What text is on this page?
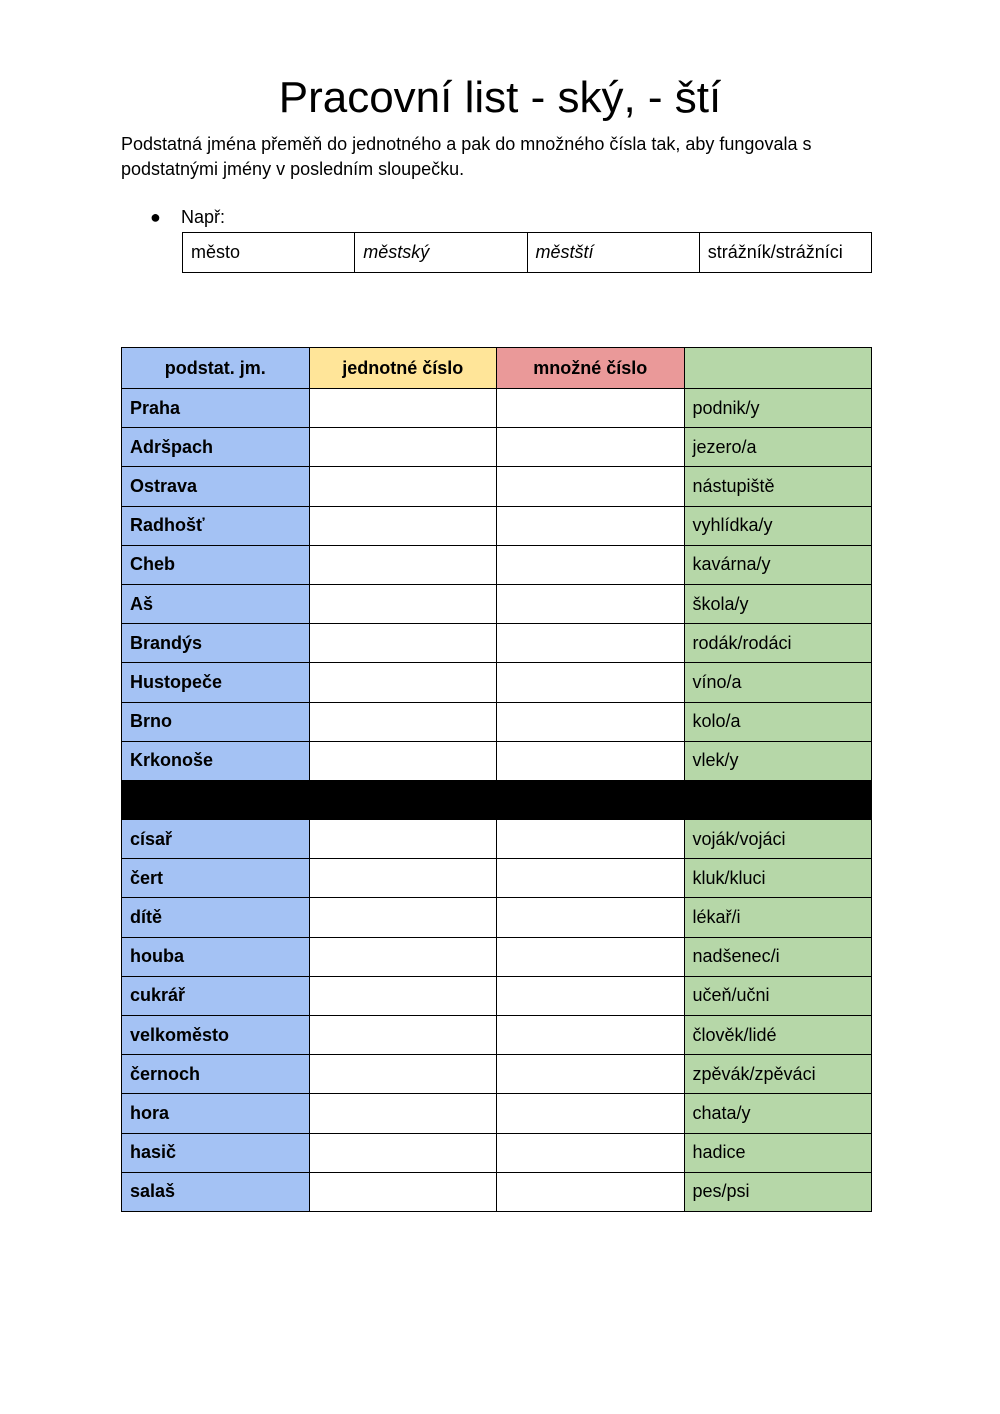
Pracovní list - ský, - ští

Podstatná jména přeměň do jednotného a pak do množného čísla tak, aby fungovala s podstatnými jmény v posledním sloupečku.

● Např:
město	městský	městští	strážník/strážníci
podstat. jm.	jednotné číslo	množné číslo	
Praha			podnik/y
Adršpach			jezero/a
Ostrava			nástupiště
Radhošť			vyhlídka/y
Cheb			kavárna/y
Aš			škola/y
Brandýs			rodák/rodáci
Hustopeče			víno/a
Brno			kolo/a
Krkonoše			vlek/y

císař			voják/vojáci
čert			kluk/kluci
dítě			lékař/i
houba			nadšenec/i
cukrář			učeň/učni
velkoměsto			člověk/lidé
černoch			zpěvák/zpěváci
hora			chata/y
hasič			hadice
salaš			pes/psi
